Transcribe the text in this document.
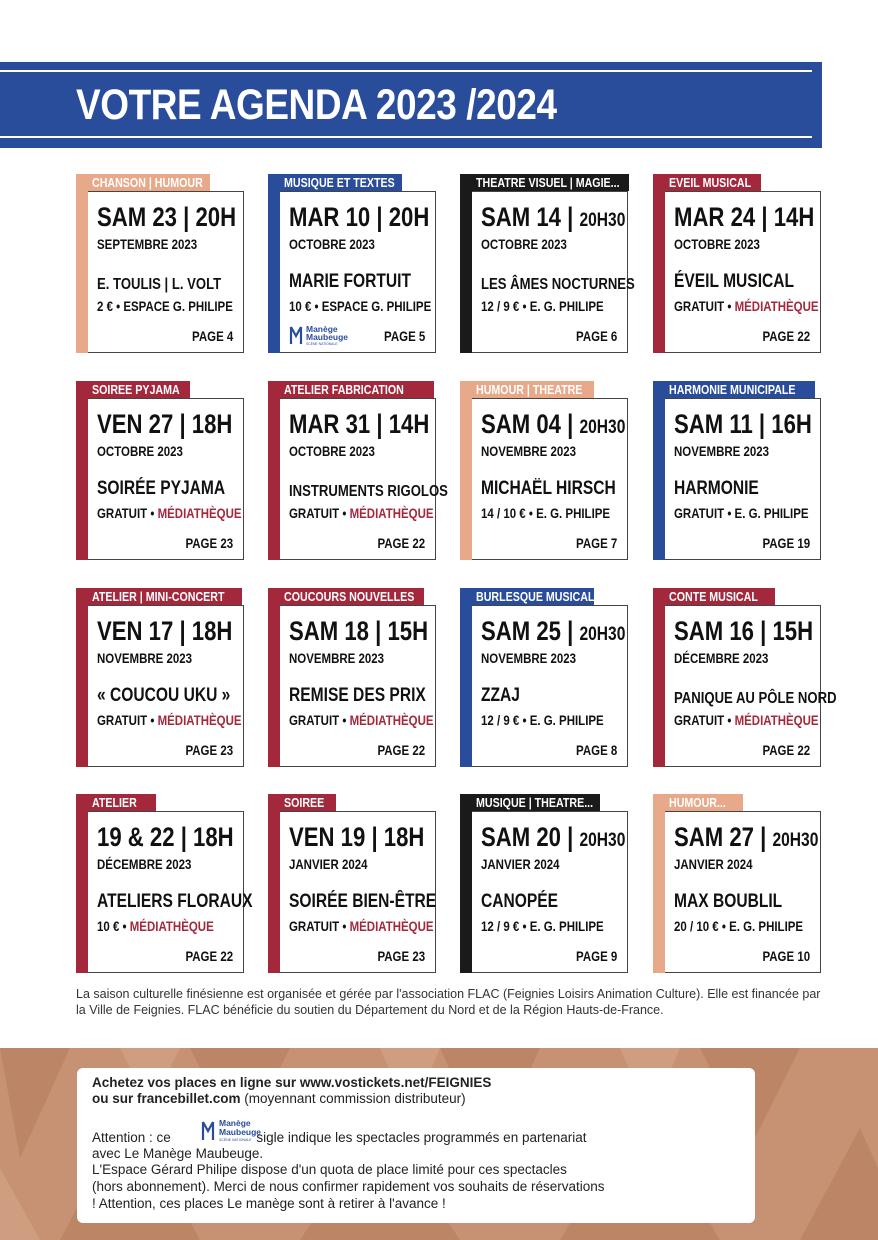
VOTRE AGENDA 2023 /2024
CHANSON | HUMOUR
SAM 23 | 20H
SEPTEMBRE 2023
E. TOULIS | L. VOLT
2 € • ESPACE G. PHILIPE
PAGE 4
MUSIQUE ET TEXTES
MAR 10 | 20H
OCTOBRE 2023
MARIE FORTUIT
10 € • ESPACE G. PHILIPE
Manège
Maubeuge
SCÈNE NATIONALE	PAGE 5
THEATRE VISUEL | MAGIE...
SAM 14 | 20H30
OCTOBRE 2023
LES ÂMES NOCTURNES
12 / 9 € • E. G. PHILIPE
PAGE 6
EVEIL MUSICAL
MAR 24 | 14H
OCTOBRE 2023
ÉVEIL MUSICAL
GRATUIT • MÉDIATHÈQUE
PAGE 22
SOIREE PYJAMA
VEN 27 | 18H
OCTOBRE 2023
SOIRÉE PYJAMA
GRATUIT • MÉDIATHÈQUE
PAGE 23
ATELIER FABRICATION
MAR 31 | 14H
OCTOBRE 2023
INSTRUMENTS RIGOLOS
GRATUIT • MÉDIATHÈQUE
PAGE 22
HUMOUR | THEATRE
SAM 04 | 20H30
NOVEMBRE 2023
MICHAËL HIRSCH
14 / 10 € • E. G. PHILIPE
PAGE 7
HARMONIE MUNICIPALE
SAM 11 | 16H
NOVEMBRE 2023
HARMONIE
GRATUIT • E. G. PHILIPE
PAGE 19
ATELIER | MINI-CONCERT
VEN 17 | 18H
NOVEMBRE 2023
« COUCOU UKU »
GRATUIT • MÉDIATHÈQUE
PAGE 23
COUCOURS NOUVELLES
SAM 18 | 15H
NOVEMBRE 2023
REMISE DES PRIX
GRATUIT • MÉDIATHÈQUE
PAGE 22
BURLESQUE MUSICAL
SAM 25 | 20H30
NOVEMBRE 2023
ZZAJ
12 / 9 € • E. G. PHILIPE
PAGE 8
CONTE MUSICAL
SAM 16 | 15H
DÉCEMBRE 2023
PANIQUE AU PÔLE NORD
GRATUIT • MÉDIATHÈQUE
PAGE 22
ATELIER
19 & 22 | 18H
DÉCEMBRE 2023
ATELIERS FLORAUX
10 € • MÉDIATHÈQUE
PAGE 22
SOIREE
VEN 19 | 18H
JANVIER 2024
SOIRÉE BIEN-ÊTRE
GRATUIT • MÉDIATHÈQUE
PAGE 23
MUSIQUE | THEATRE...
SAM 20 | 20H30
JANVIER 2024
CANOPÉE
12 / 9 € • E. G. PHILIPE
PAGE 9
HUMOUR...
SAM 27 | 20H30
JANVIER 2024
MAX BOUBLIL
20 / 10 € • E. G. PHILIPE
PAGE 10

La saison culturelle finésienne est organisée et gérée par l'association FLAC (Feignies Loisirs Animation Culture). Elle est financée par la Ville de Feignies. FLAC bénéficie du soutien du Département du Nord et de la Région Hauts-de-France.

Achetez vos places en ligne sur www.vostickets.net/FEIGNIES

ou sur francebillet.com (moyennant commission distributeur)

Attention : ce	sigle indique les spectacles programmés en partenariat

Manège
Maubeuge
SCÈNE NATIONALE

avec Le Manège Maubeuge.

L'Espace Gérard Philipe dispose d'un quota de place limité pour ces spectacles

(hors abonnement). Merci de nous confirmer rapidement vos souhaits de réservations

! Attention, ces places Le manège sont à retirer à l'avance !
